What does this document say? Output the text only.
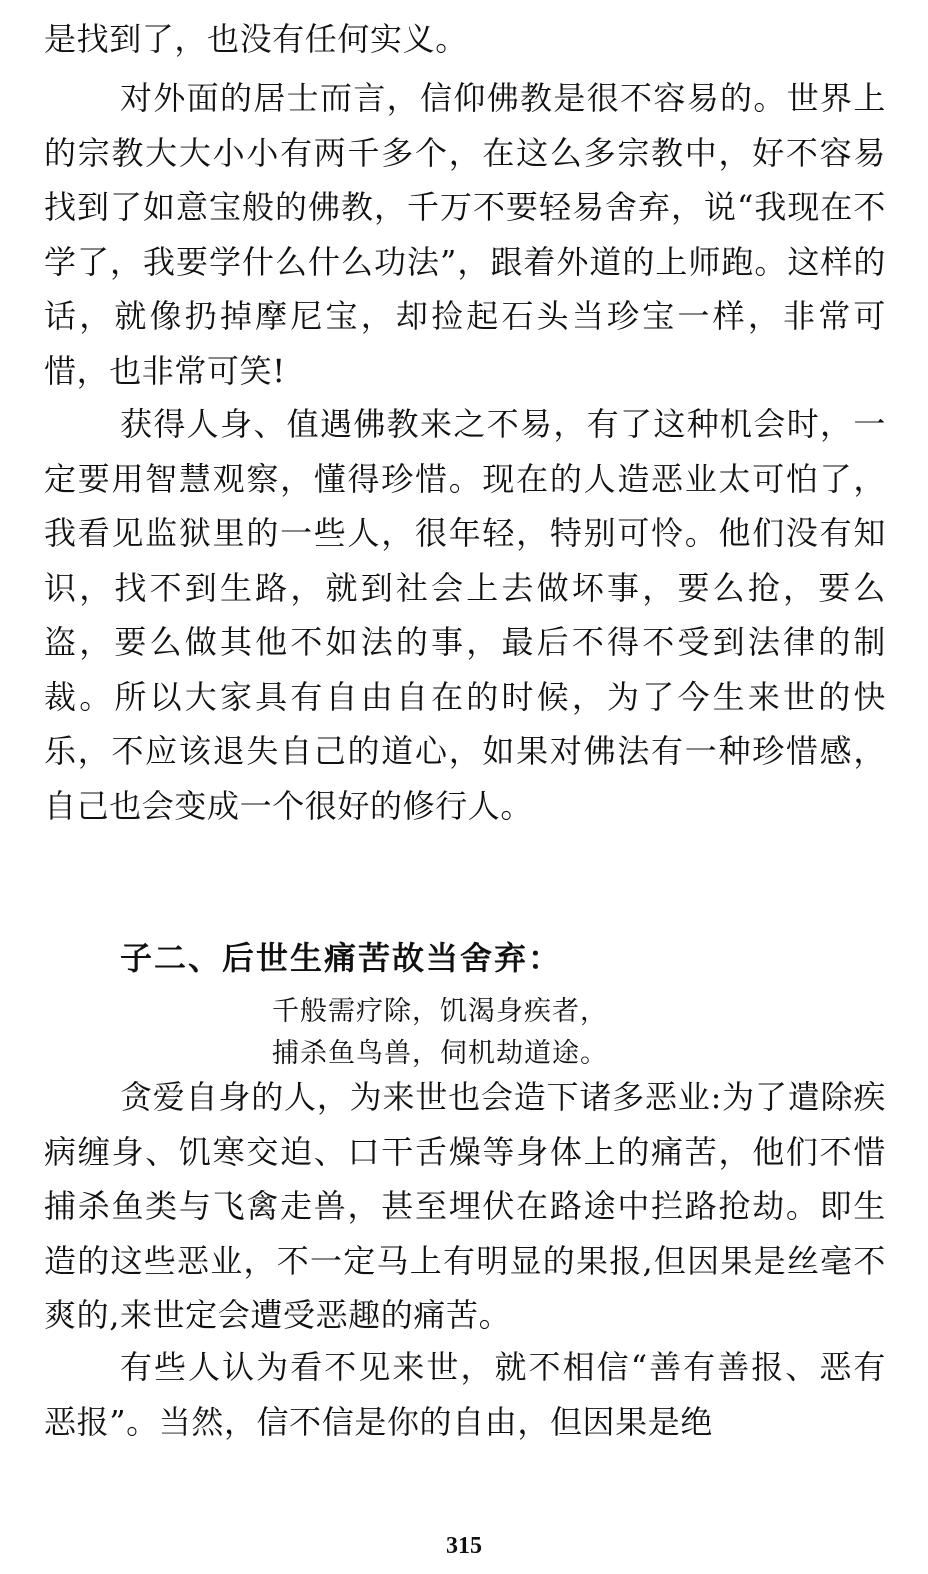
是找到了，也没有任何实义。

对外面的居士而言，信仰佛教是很不容易的。世界上的宗教大大小小有两千多个，在这么多宗教中，好不容易找到了如意宝般的佛教，千万不要轻易舍弃，说“我现在不学了，我要学什么什么功法”，跟着外道的上师跑。这样的话，就像扔掉摩尼宝，却捡起石头当珍宝一样，非常可惜，也非常可笑!

获得人身、值遇佛教来之不易，有了这种机会时，一定要用智慧观察，懂得珍惜。现在的人造恶业太可怕了，我看见监狱里的一些人，很年轻，特别可怜。他们没有知识，找不到生路，就到社会上去做坏事，要么抢，要么盗，要么做其他不如法的事，最后不得不受到法律的制裁。所以大家具有自由自在的时候，为了今生来世的快乐，不应该退失自己的道心，如果对佛法有一种珍惜感，自己也会变成一个很好的修行人。

子二、后世生痛苦故当舍弃：

千般需疗除，饥渴身疾者，

捕杀鱼鸟兽，伺机劫道途。

贪爱自身的人，为来世也会造下诸多恶业:为了遣除疾病缠身、饥寒交迫、口干舌燥等身体上的痛苦，他们不惜捕杀鱼类与飞禽走兽，甚至埋伏在路途中拦路抢劫。即生造的这些恶业，不一定马上有明显的果报,但因果是丝毫不爽的,来世定会遭受恶趣的痛苦。

有些人认为看不见来世，就不相信“善有善报、恶有恶报”。当然，信不信是你的自由，但因果是绝

315
